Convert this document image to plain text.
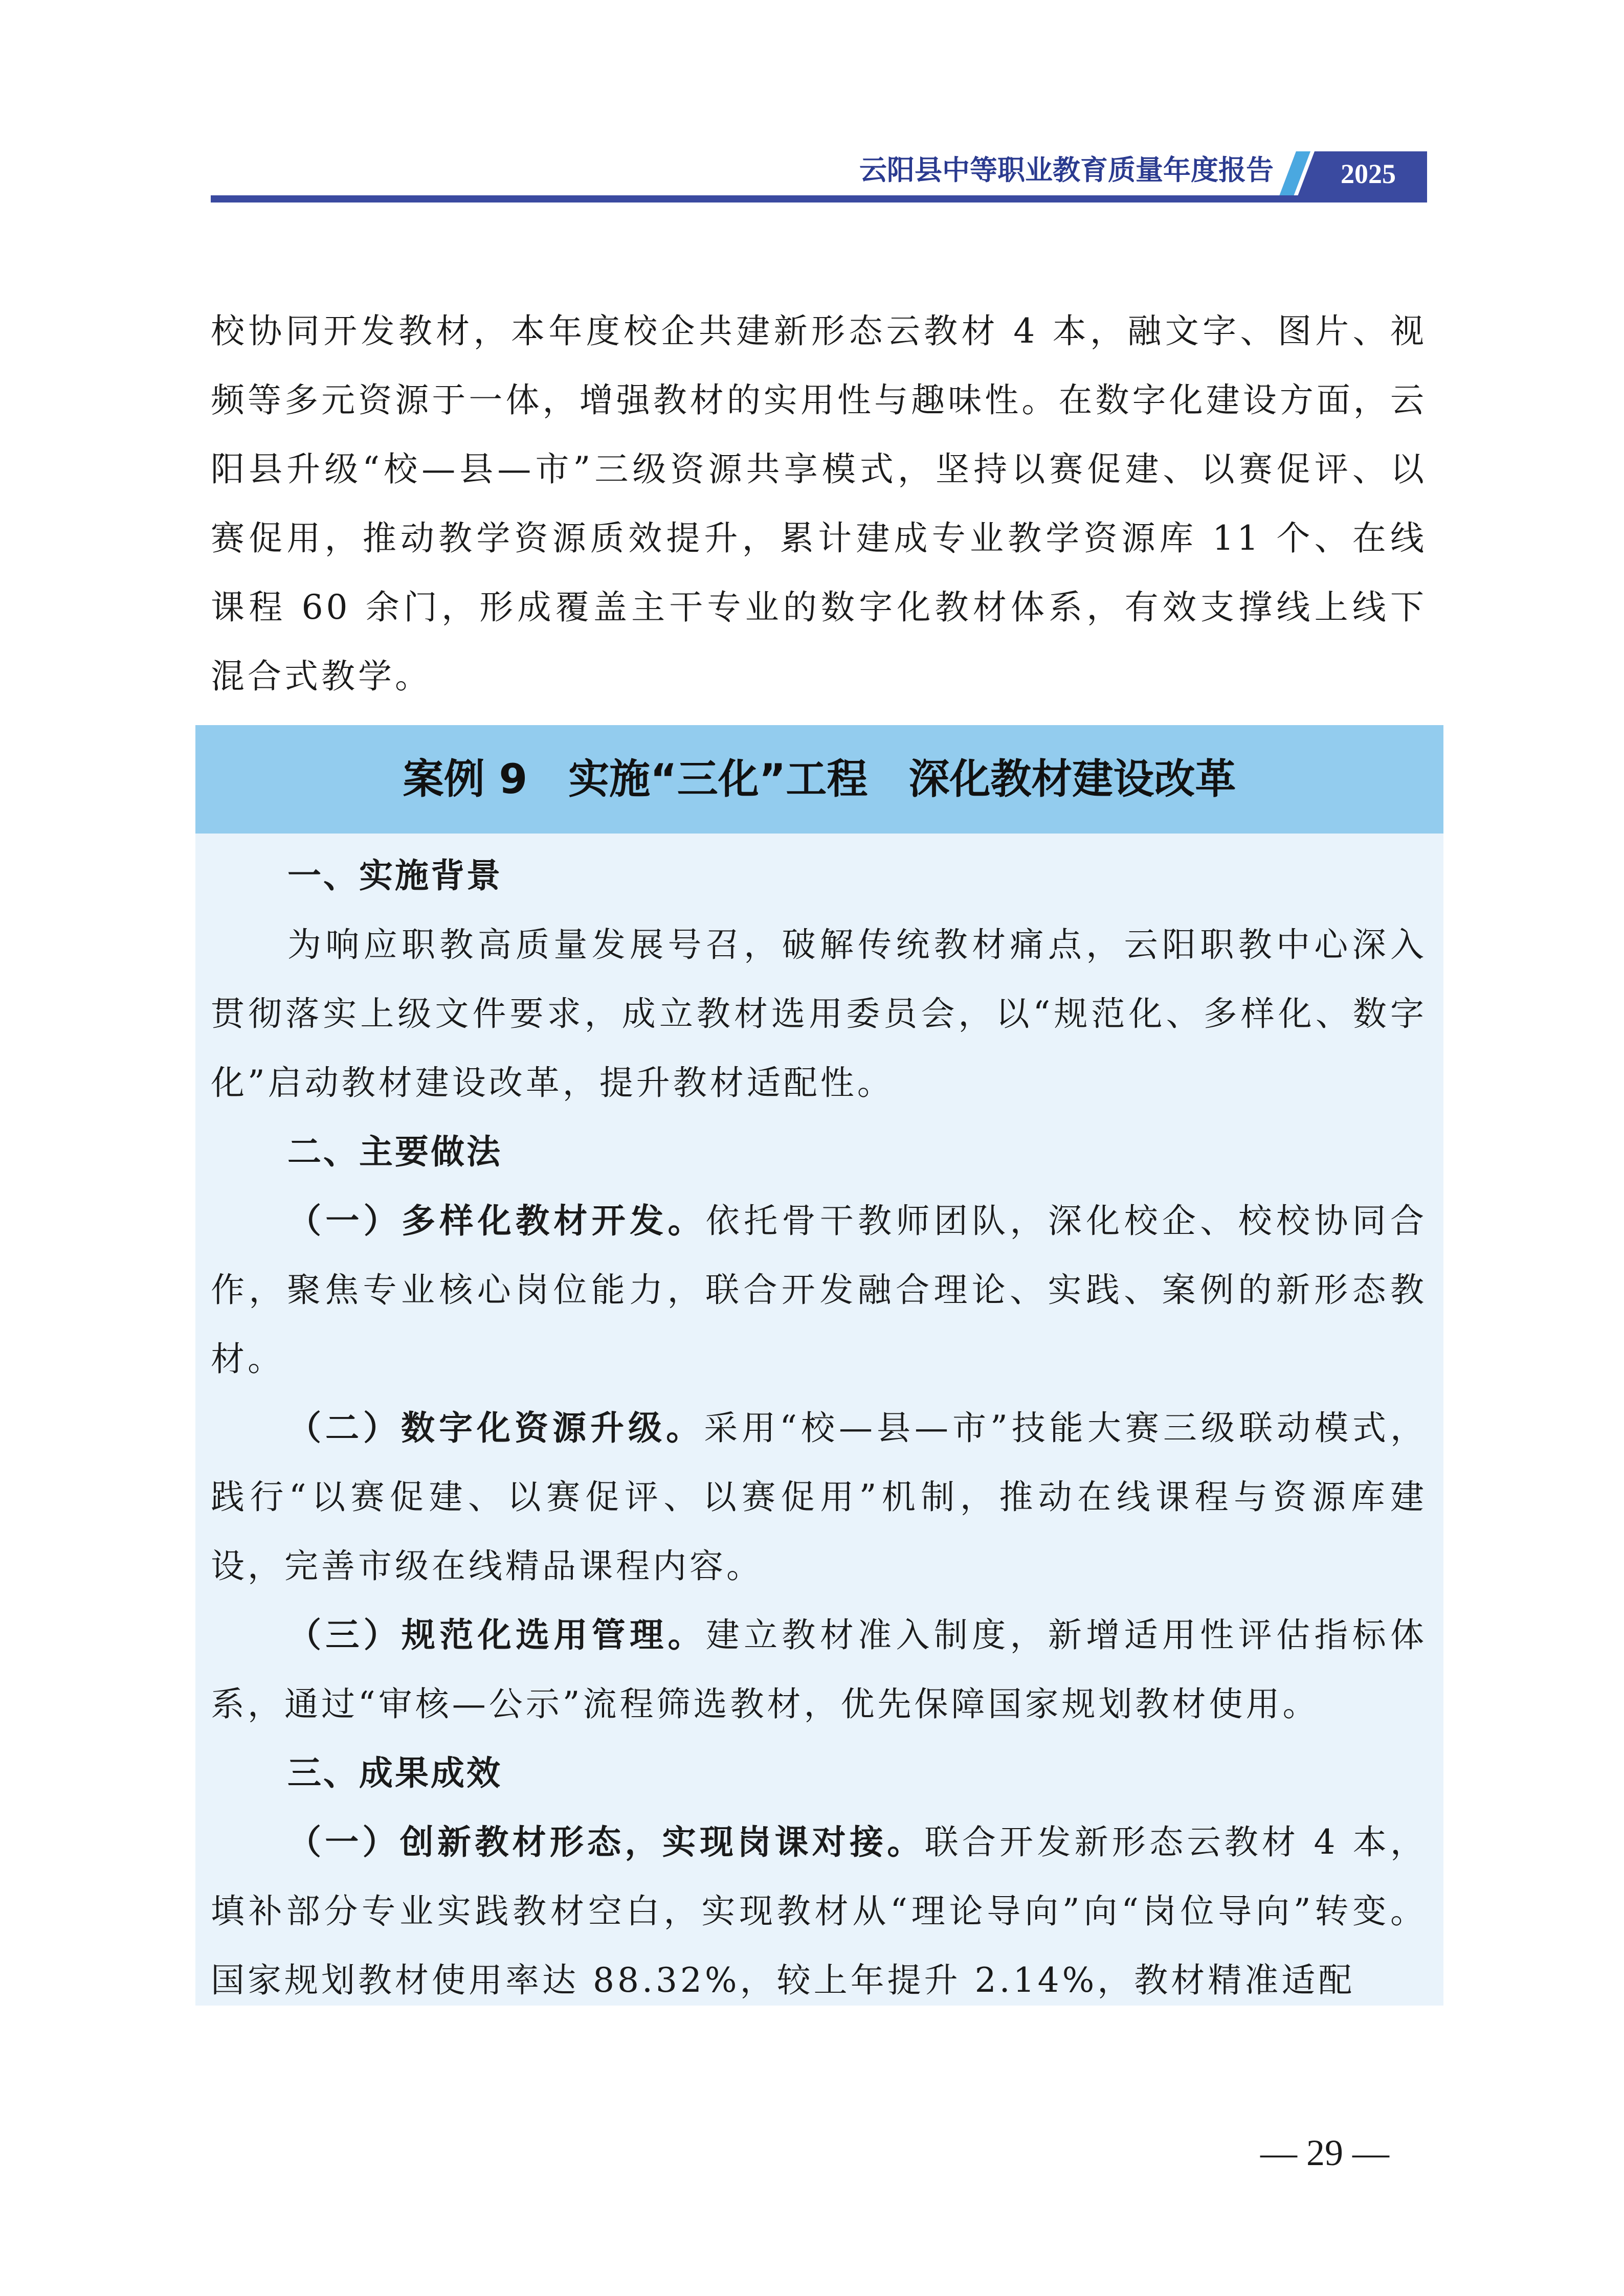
云阳县中等职业教育质量年度报告	2025

校协同开发教材，本年度校企共建新形态云教材 4 本，融文字、图片、视频等多元资源于一体，增强教材的实用性与趣味性。在数字化建设方面，云阳县升级“校—县—市”三级资源共享模式，坚持以赛促建、以赛促评、以赛促用，推动教学资源质效提升，累计建成专业教学资源库 11 个、在线课程 60 余门，形成覆盖主干专业的数字化教材体系，有效支撑线上线下混合式教学。

案例 9　实施“三化”工程　深化教材建设改革

一、实施背景

为响应职教高质量发展号召，破解传统教材痛点，云阳职教中心深入贯彻落实上级文件要求，成立教材选用委员会，以“规范化、多样化、数字化”启动教材建设改革，提升教材适配性。

二、主要做法

（一）多样化教材开发。依托骨干教师团队，深化校企、校校协同合作，聚焦专业核心岗位能力，联合开发融合理论、实践、案例的新形态教材。

（二）数字化资源升级。采用“校—县—市”技能大赛三级联动模式，践行“以赛促建、以赛促评、以赛促用”机制，推动在线课程与资源库建设，完善市级在线精品课程内容。

（三）规范化选用管理。建立教材准入制度，新增适用性评估指标体系，通过“审核—公示”流程筛选教材，优先保障国家规划教材使用。

三、成果成效

（一）创新教材形态，实现岗课对接。联合开发新形态云教材 4 本，填补部分专业实践教材空白，实现教材从“理论导向”向“岗位导向”转变。国家规划教材使用率达 88.32%，较上年提升 2.14%，教材精准适配

— 29 —
